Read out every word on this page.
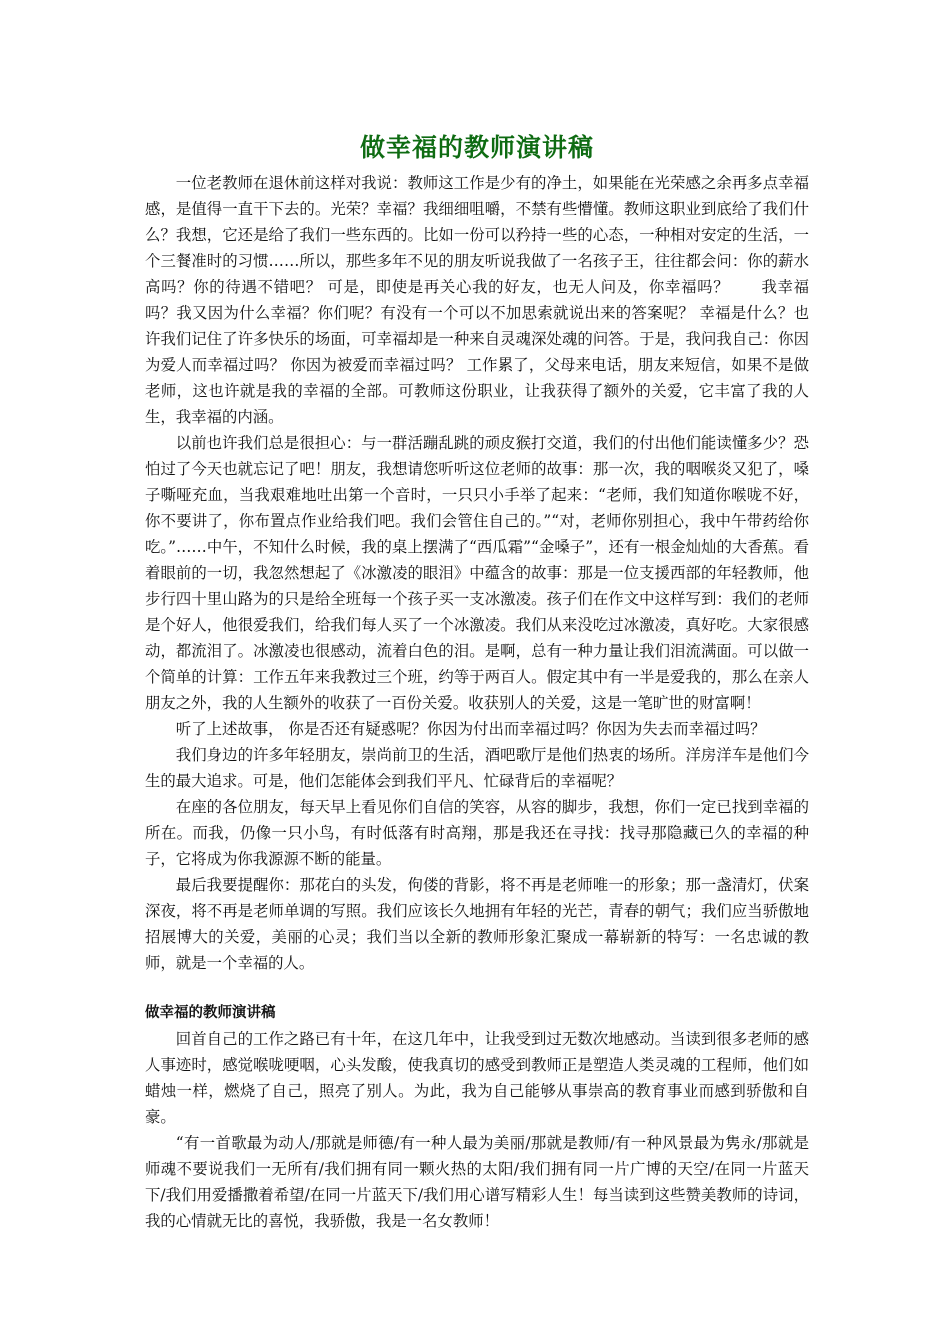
做幸福的教师演讲稿

一位老教师在退休前这样对我说：教师这工作是少有的净土，如果能在光荣感之余再多点幸福感，是值得一直干下去的。光荣？幸福？我细细咀嚼，不禁有些懵懂。教师这职业到底给了我们什么？我想，它还是给了我们一些东西的。比如一份可以矜持一些的心态，一种相对安定的生活，一个三餐准时的习惯……所以，那些多年不见的朋友听说我做了一名孩子王，往往都会问：你的薪水高吗？你的待遇不错吧？ 可是，即使是再关心我的好友，也无人问及，你幸福吗？　　我幸福吗？我又因为什么幸福？你们呢？有没有一个可以不加思索就说出来的答案呢？ 幸福是什么？也许我们记住了许多快乐的场面，可幸福却是一种来自灵魂深处魂的问答。于是，我问我自己：你因为爱人而幸福过吗？ 你因为被爱而幸福过吗？ 工作累了，父母来电话，朋友来短信，如果不是做老师，这也许就是我的幸福的全部。可教师这份职业，让我获得了额外的关爱，它丰富了我的人生，我幸福的内涵。

以前也许我们总是很担心：与一群活蹦乱跳的顽皮猴打交道，我们的付出他们能读懂多少？恐怕过了今天也就忘记了吧！朋友，我想请您听听这位老师的故事：那一次，我的咽喉炎又犯了，嗓子嘶哑充血，当我艰难地吐出第一个音时，一只只小手举了起来：“老师，我们知道你喉咙不好，你不要讲了，你布置点作业给我们吧。我们会管住自己的。”“对，老师你别担心，我中午带药给你吃。”……中午，不知什么时候，我的桌上摆满了“西瓜霜”“金嗓子”，还有一根金灿灿的大香蕉。看着眼前的一切，我忽然想起了《冰激凌的眼泪》中蕴含的故事：那是一位支援西部的年轻教师，他步行四十里山路为的只是给全班每一个孩子买一支冰激凌。孩子们在作文中这样写到：我们的老师是个好人，他很爱我们，给我们每人买了一个冰激凌。我们从来没吃过冰激凌，真好吃。大家很感动，都流泪了。冰激凌也很感动，流着白色的泪。是啊，总有一种力量让我们泪流满面。可以做一个简单的计算：工作五年来我教过三个班，约等于两百人。假定其中有一半是爱我的，那么在亲人朋友之外，我的人生额外的收获了一百份关爱。收获别人的关爱，这是一笔旷世的财富啊！

听了上述故事， 你是否还有疑惑呢？你因为付出而幸福过吗？你因为失去而幸福过吗？

我们身边的许多年轻朋友，崇尚前卫的生活，酒吧歌厅是他们热衷的场所。洋房洋车是他们今生的最大追求。可是，他们怎能体会到我们平凡、忙碌背后的幸福呢？

在座的各位朋友，每天早上看见你们自信的笑容，从容的脚步，我想，你们一定已找到幸福的所在。而我，仍像一只小鸟，有时低落有时高翔，那是我还在寻找：找寻那隐藏已久的幸福的种子，它将成为你我源源不断的能量。

最后我要提醒你：那花白的头发，佝偻的背影，将不再是老师唯一的形象；那一盏清灯，伏案深夜，将不再是老师单调的写照。我们应该长久地拥有年轻的光芒，青春的朝气；我们应当骄傲地招展博大的关爱，美丽的心灵；我们当以全新的教师形象汇聚成一幕崭新的特写：一名忠诚的教师，就是一个幸福的人。

做幸福的教师演讲稿

回首自己的工作之路已有十年，在这几年中，让我受到过无数次地感动。当读到很多老师的感人事迹时，感觉喉咙哽咽，心头发酸，使我真切的感受到教师正是塑造人类灵魂的工程师，他们如蜡烛一样，燃烧了自己，照亮了别人。为此，我为自己能够从事崇高的教育事业而感到骄傲和自豪。

“有一首歌最为动人/那就是师德/有一种人最为美丽/那就是教师/有一种风景最为隽永/那就是师魂不要说我们一无所有/我们拥有同一颗火热的太阳/我们拥有同一片广博的天空/在同一片蓝天下/我们用爱播撒着希望/在同一片蓝天下/我们用心谱写精彩人生！每当读到这些赞美教师的诗词，我的心情就无比的喜悦，我骄傲，我是一名女教师！
